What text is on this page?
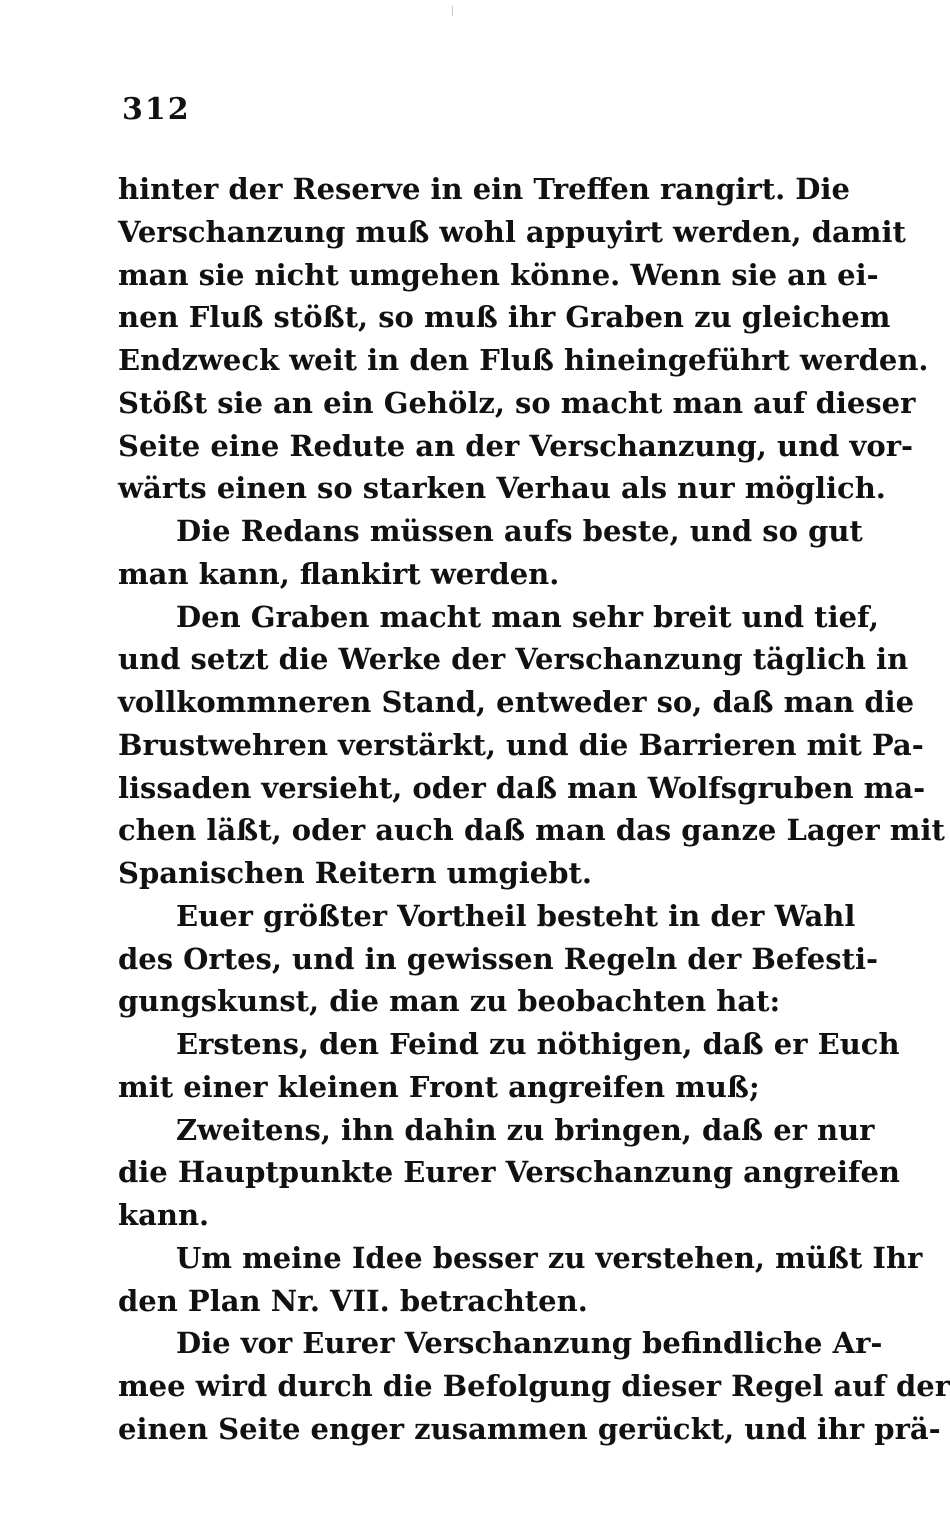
312
hinter der Reserve in ein Treffen rangirt. Die
Verschanzung muß wohl appuyirt werden, damit
man sie nicht umgehen könne. Wenn sie an ei-
nen Fluß stößt, so muß ihr Graben zu gleichem
Endzweck weit in den Fluß hineingeführt werden.
Stößt sie an ein Gehölz, so macht man auf dieser
Seite eine Redute an der Verschanzung, und vor-
wärts einen so starken Verhau als nur möglich.
Die Redans müssen aufs beste, und so gut
man kann, flankirt werden.
Den Graben macht man sehr breit und tief,
und setzt die Werke der Verschanzung täglich in
vollkommneren Stand, entweder so, daß man die
Brustwehren verstärkt, und die Barrieren mit Pa-
lissaden versieht, oder daß man Wolfsgruben ma-
chen läßt, oder auch daß man das ganze Lager mit
Spanischen Reitern umgiebt.
Euer größter Vortheil besteht in der Wahl
des Ortes, und in gewissen Regeln der Befesti-
gungskunst, die man zu beobachten hat:
Erstens, den Feind zu nöthigen, daß er Euch
mit einer kleinen Front angreifen muß;
Zweitens, ihn dahin zu bringen, daß er nur
die Hauptpunkte Eurer Verschanzung angreifen
kann.
Um meine Idee besser zu verstehen, müßt Ihr
den Plan Nr. VII. betrachten.
Die vor Eurer Verschanzung befindliche Ar-
mee wird durch die Befolgung dieser Regel auf der
einen Seite enger zusammen gerückt, und ihr prä-
